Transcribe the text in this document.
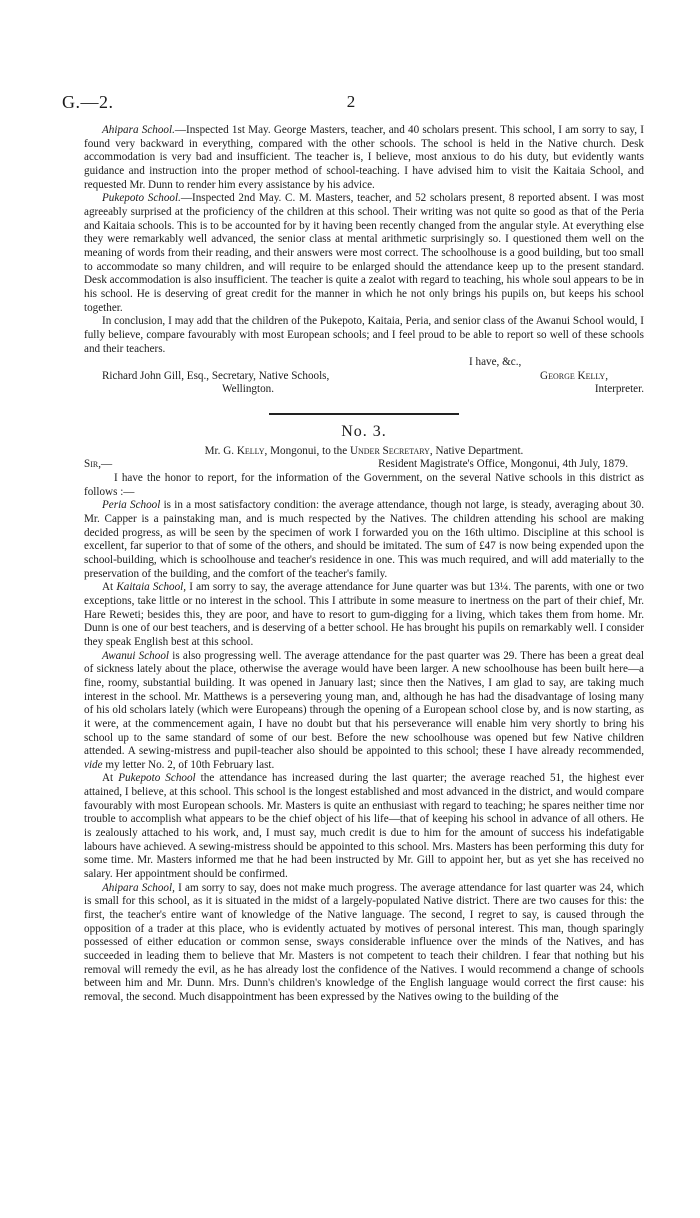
G.—2.	2

Ahipara School.—Inspected 1st May. George Masters, teacher, and 40 scholars present. This school, I am sorry to say, I found very backward in everything, compared with the other schools. The school is held in the Native church. Desk accommodation is very bad and insufficient. The teacher is, I believe, most anxious to do his duty, but evidently wants guidance and instruction into the proper method of school-teaching. I have advised him to visit the Kaitaia School, and requested Mr. Dunn to render him every assistance by his advice.

Pukepoto School.—Inspected 2nd May. C. M. Masters, teacher, and 52 scholars present, 8 reported absent. I was most agreeably surprised at the proficiency of the children at this school. Their writing was not quite so good as that of the Peria and Kaitaia schools. This is to be accounted for by it having been recently changed from the angular style. At everything else they were remarkably well advanced, the senior class at mental arithmetic surprisingly so. I questioned them well on the meaning of words from their reading, and their answers were most correct. The schoolhouse is a good building, but too small to accommodate so many children, and will require to be enlarged should the attendance keep up to the present standard. Desk accommodation is also insufficient. The teacher is quite a zealot with regard to teaching, his whole soul appears to be in his school. He is deserving of great credit for the manner in which he not only brings his pupils on, but keeps his school together.

In conclusion, I may add that the children of the Pukepoto, Kaitaia, Peria, and senior class of the Awanui School would, I fully believe, compare favourably with most European schools; and I feel proud to be able to report so well of these schools and their teachers.

I have, &c.,
Richard John Gill, Esq., Secretary, Native Schools,	George Kelly,
Wellington.	Interpreter.
No. 3.
Mr. G. Kelly, Mongonui, to the Under Secretary, Native Department.
Sir,—	Resident Magistrate's Office, Mongonui, 4th July, 1879.

I have the honor to report, for the information of the Government, on the several Native schools in this district as follows :—

Peria School is in a most satisfactory condition: the average attendance, though not large, is steady, averaging about 30. Mr. Capper is a painstaking man, and is much respected by the Natives. The children attending his school are making decided progress, as will be seen by the specimen of work I forwarded you on the 16th ultimo. Discipline at this school is excellent, far superior to that of some of the others, and should be imitated. The sum of £47 is now being expended upon the school-building, which is schoolhouse and teacher's residence in one. This was much required, and will add materially to the preservation of the building, and the comfort of the teacher's family.

At Kaitaia School, I am sorry to say, the average attendance for June quarter was but 13¼. The parents, with one or two exceptions, take little or no interest in the school. This I attribute in some measure to inertness on the part of their chief, Mr. Hare Reweti; besides this, they are poor, and have to resort to gum-digging for a living, which takes them from home. Mr. Dunn is one of our best teachers, and is deserving of a better school. He has brought his pupils on remarkably well. I consider they speak English best at this school.

Awanui School is also progressing well. The average attendance for the past quarter was 29. There has been a great deal of sickness lately about the place, otherwise the average would have been larger. A new schoolhouse has been built here—a fine, roomy, substantial building. It was opened in January last; since then the Natives, I am glad to say, are taking much interest in the school. Mr. Matthews is a persevering young man, and, although he has had the disadvantage of losing many of his old scholars lately (which were Europeans) through the opening of a European school close by, and is now starting, as it were, at the commencement again, I have no doubt but that his perseverance will enable him very shortly to bring his school up to the same standard of some of our best. Before the new schoolhouse was opened but few Native children attended. A sewing-mistress and pupil-teacher also should be appointed to this school; these I have already recommended, vide my letter No. 2, of 10th February last.

At Pukepoto School the attendance has increased during the last quarter; the average reached 51, the highest ever attained, I believe, at this school. This school is the longest established and most advanced in the district, and would compare favourably with most European schools. Mr. Masters is quite an enthusiast with regard to teaching; he spares neither time nor trouble to accomplish what appears to be the chief object of his life—that of keeping his school in advance of all others. He is zealously attached to his work, and, I must say, much credit is due to him for the amount of success his indefatigable labours have achieved. A sewing-mistress should be appointed to this school. Mrs. Masters has been performing this duty for some time. Mr. Masters informed me that he had been instructed by Mr. Gill to appoint her, but as yet she has received no salary. Her appointment should be confirmed.

Ahipara School, I am sorry to say, does not make much progress. The average attendance for last quarter was 24, which is small for this school, as it is situated in the midst of a largely-populated Native district. There are two causes for this: the first, the teacher's entire want of knowledge of the Native language. The second, I regret to say, is caused through the opposition of a trader at this place, who is evidently actuated by motives of personal interest. This man, though sparingly possessed of either education or common sense, sways considerable influence over the minds of the Natives, and has succeeded in leading them to believe that Mr. Masters is not competent to teach their children. I fear that nothing but his removal will remedy the evil, as he has already lost the confidence of the Natives. I would recommend a change of schools between him and Mr. Dunn. Mrs. Dunn's children's knowledge of the English language would correct the first cause: his removal, the second. Much disappointment has been expressed by the Natives owing to the building of the
